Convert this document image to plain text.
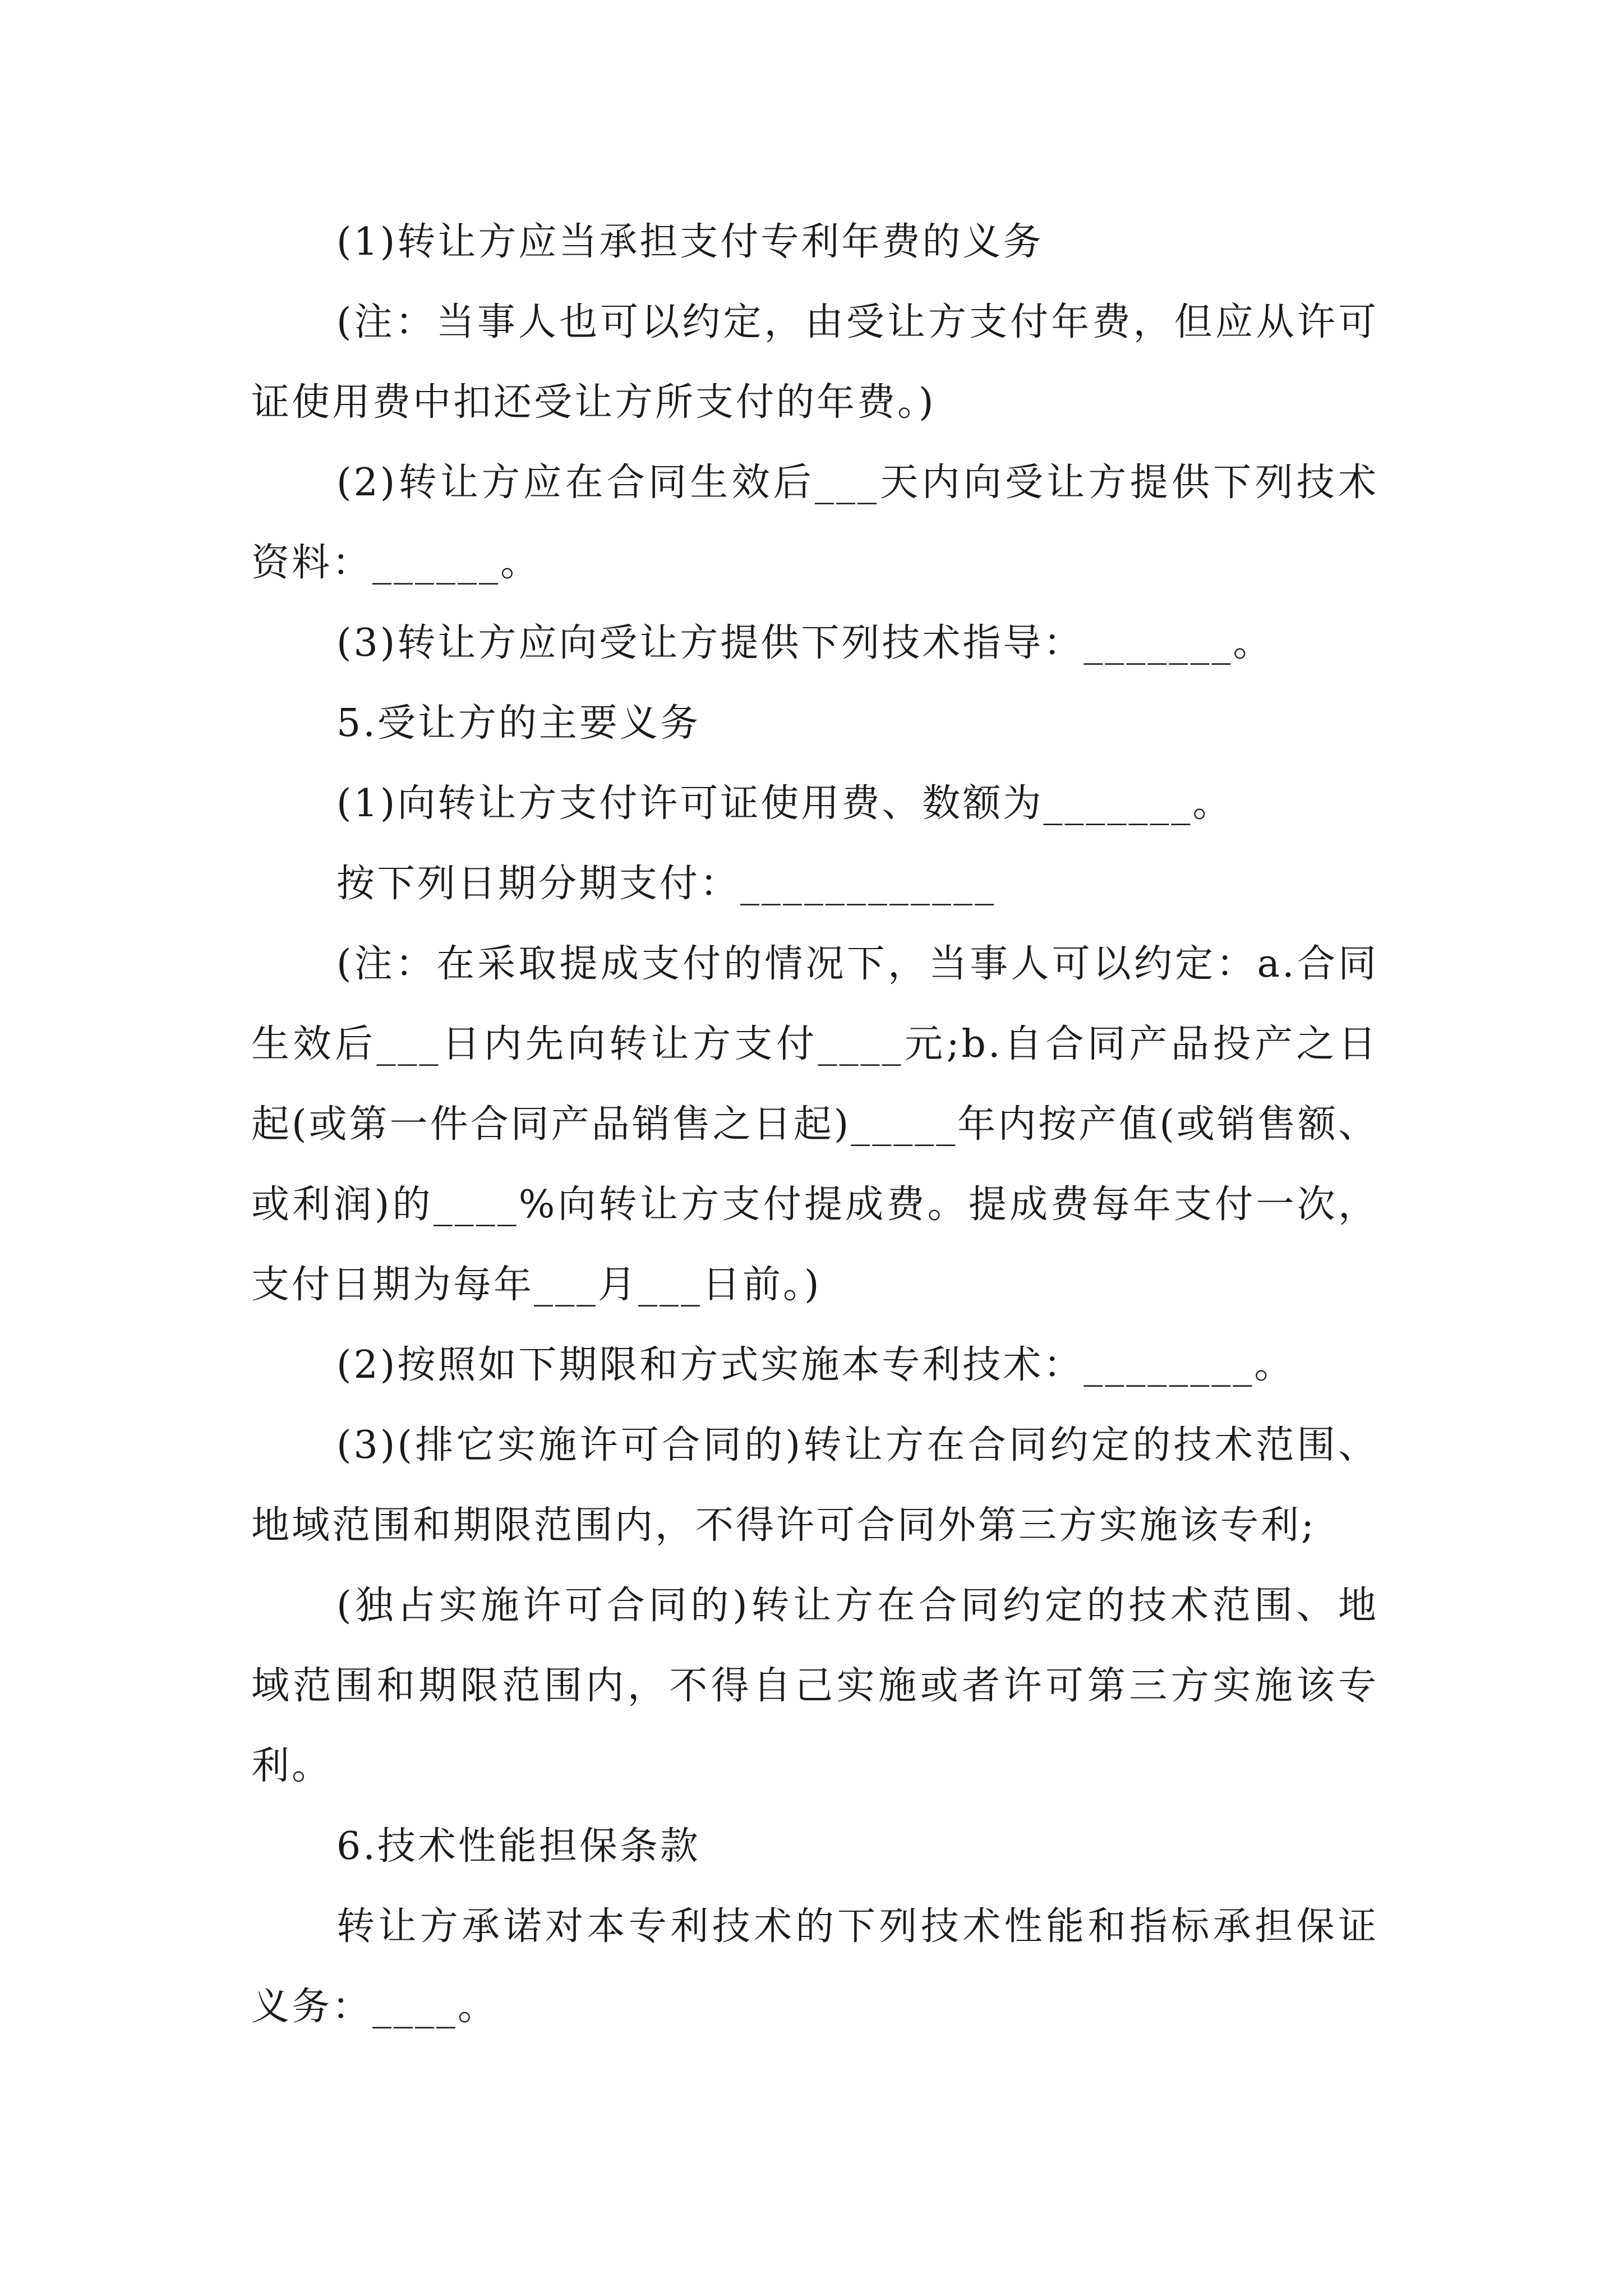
(1)转让方应当承担支付专利年费的义务

(注：当事人也可以约定，由受让方支付年费，但应从许可证使用费中扣还受让方所支付的年费。)

(2)转让方应在合同生效后___天内向受让方提供下列技术资料：______。

(3)转让方应向受让方提供下列技术指导：_______。

5.受让方的主要义务

(1)向转让方支付许可证使用费、数额为_______。

按下列日期分期支付：____________

(注：在采取提成支付的情况下，当事人可以约定：a.合同生效后___日内先向转让方支付____元;b.自合同产品投产之日起(或第一件合同产品销售之日起)_____年内按产值(或销售额、或利润)的____%向转让方支付提成费。提成费每年支付一次，支付日期为每年___月___日前。)

(2)按照如下期限和方式实施本专利技术：________。

(3)(排它实施许可合同的)转让方在合同约定的技术范围、地域范围和期限范围内，不得许可合同外第三方实施该专利;

(独占实施许可合同的)转让方在合同约定的技术范围、地域范围和期限范围内，不得自己实施或者许可第三方实施该专利。

6.技术性能担保条款

转让方承诺对本专利技术的下列技术性能和指标承担保证义务：____。
